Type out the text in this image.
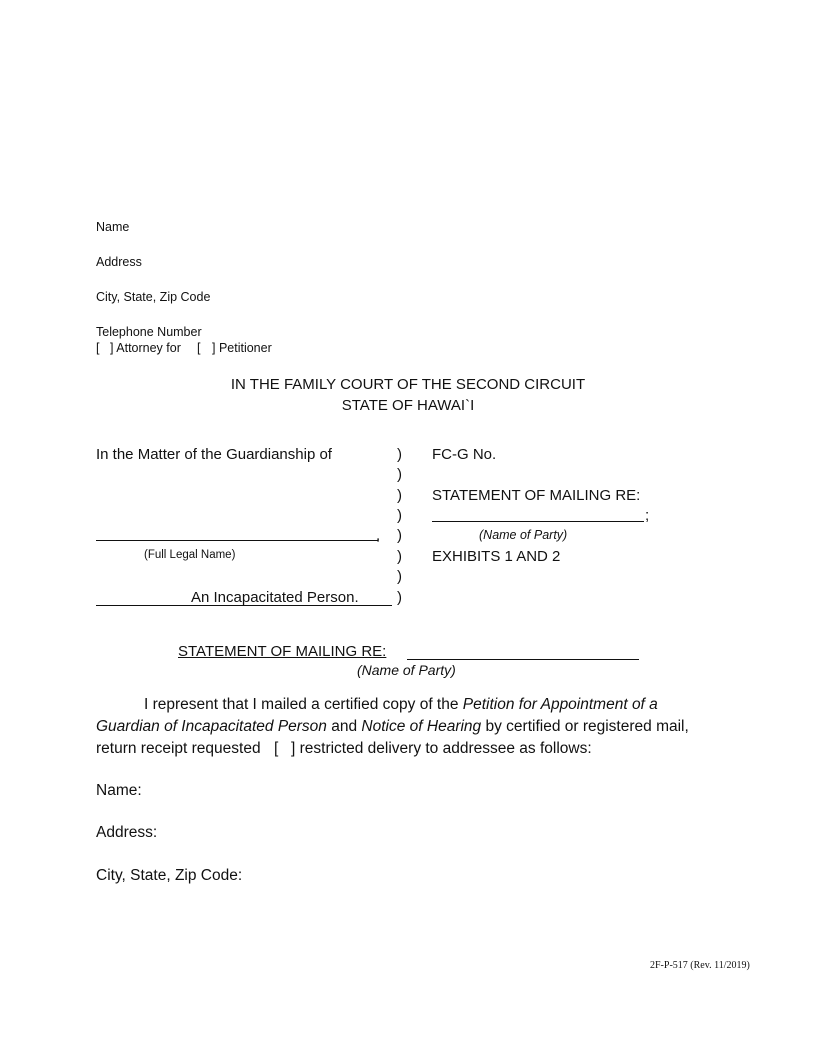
Name
Address
City, State, Zip Code
Telephone Number
[ ] Attorney for [ ] Petitioner
IN THE FAMILY COURT OF THE SECOND CIRCUIT
STATE OF HAWAI`I
In the Matter of the Guardianship of
,
(Full Legal Name)
An Incapacitated Person.
)
)
)
)
)
)
)
)
FC-G No.
STATEMENT OF MAILING RE:
;
(Name of Party)
EXHIBITS 1 AND 2
STATEMENT OF MAILING RE:
(Name of Party)
I represent that I mailed a certified copy of the Petition for Appointment of a
Guardian of Incapacitated Person and Notice of Hearing by certified or registered mail,
return receipt requested [ ] restricted delivery to addressee as follows:
Name:
Address:
City, State, Zip Code:
2F-P-517 (Rev. 11/2019)
